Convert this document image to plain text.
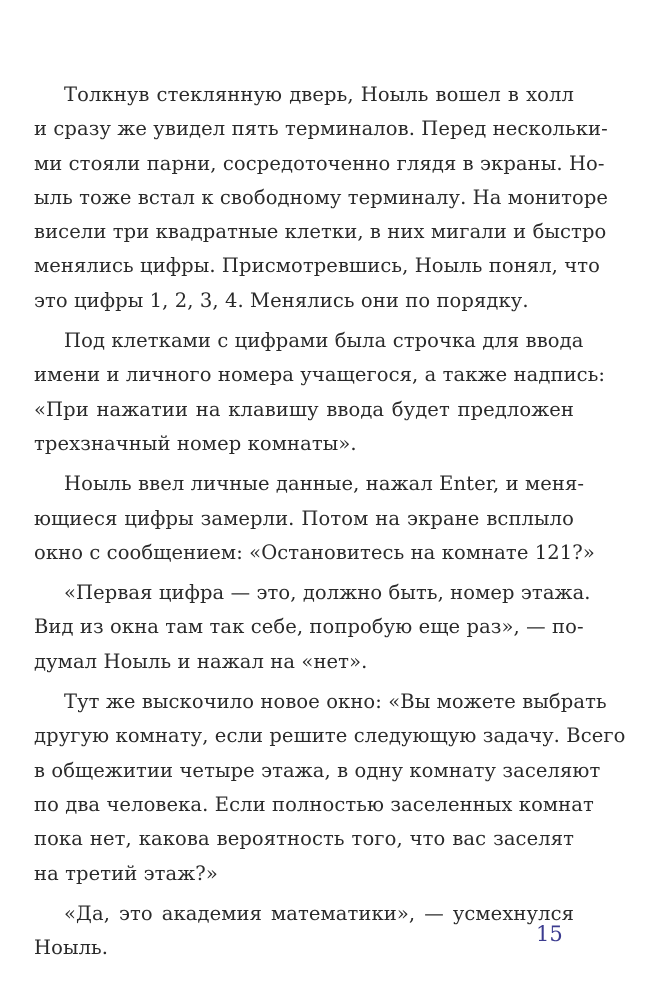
Толкнув стеклянную дверь, Ноыль вошел в холл
и сразу же увидел пять терминалов. Перед нескольки-
ми стояли парни, сосредоточенно глядя в экраны. Но-
ыль тоже встал к свободному терминалу. На мониторе
висели три квадратные клетки, в них мигали и быстро
менялись цифры. Присмотревшись, Ноыль понял, что
это цифры 1, 2, 3, 4. Менялись они по порядку.
Под клетками с цифрами была строчка для ввода
имени и личного номера учащегося, а также надпись:
«При нажатии на клавишу ввода будет предложен
трехзначный номер комнаты».
Ноыль ввел личные данные, нажал Enter, и меня-
ющиеся цифры замерли. Потом на экране всплыло
окно с сообщением: «Остановитесь на комнате 121?»
«Первая цифра — это, должно быть, номер этажа.
Вид из окна там так себе, попробую еще раз», — по-
думал Ноыль и нажал на «нет».
Тут же выскочило новое окно: «Вы можете выбрать
другую комнату, если решите следующую задачу. Всего
в общежитии четыре этажа, в одну комнату заселяют
по два человека. Если полностью заселенных комнат
пока нет, какова вероятность того, что вас заселят
на третий этаж?»
«Да, это академия математики», — усмехнулся
Ноыль.
15
